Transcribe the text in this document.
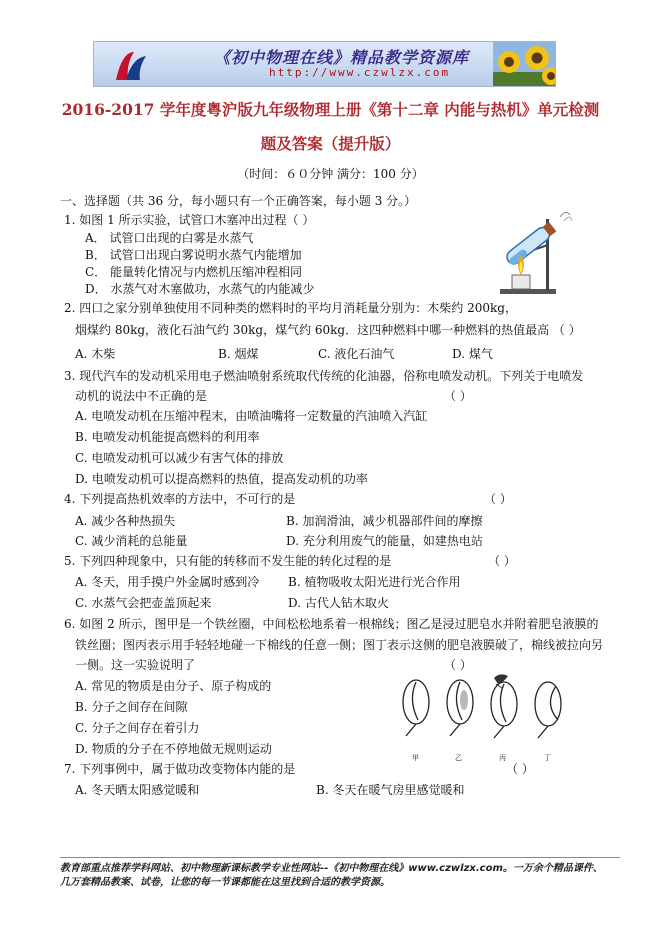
《初中物理在线》精品教学资源库
http://www.czwlzx.com
2016-2017 学年度粤沪版九年级物理上册《第十二章 内能与热机》单元检测
题及答案（提升版）
（时间：６０分钟 满分：100 分）
一、选择题（共 36 分，每小题只有一个正确答案，每小题 3 分。）
1. 如图 1 所示实验，试管口木塞冲出过程（ ）
A． 试管口出现的白雾是水蒸气
B． 试管口出现白雾说明水蒸气内能增加
C． 能量转化情况与内燃机压缩冲程相同
D． 水蒸气对木塞做功，水蒸气的内能减少
2. 四口之家分别单独使用不同种类的燃料时的平均月消耗量分别为：木柴约 200kg，
烟煤约 80kg，液化石油气约 30kg，煤气约 60kg．这四种燃料中哪一种燃料的热值最高 （ ）
A. 木柴	B. 烟煤	C. 液化石油气	D. 煤气
3. 现代汽车的发动机采用电子燃油喷射系统取代传统的化油器，俗称电喷发动机。下列关于电喷发
动机的说法中不正确的是	（ ）
A. 电喷发动机在压缩冲程末，由喷油嘴将一定数量的汽油喷入汽缸
B. 电喷发动机能提高燃料的利用率
C. 电喷发动机可以减少有害气体的排放
D. 电喷发动机可以提高燃料的热值，提高发动机的功率
4. 下列提高热机效率的方法中，不可行的是	（ ）
A. 减少各种热损失	B. 加润滑油，减少机器部件间的摩擦
C. 减少消耗的总能量	D. 充分利用废气的能量，如建热电站
5. 下列四种现象中，只有能的转移而不发生能的转化过程的是	（ ）
A. 冬天，用手摸户外金属时感到冷 B. 植物吸收太阳光进行光合作用
C. 水蒸气会把壶盖顶起来	D. 古代人钻木取火
6. 如图 2 所示，图甲是一个铁丝圈，中间松松地系着一根棉线；图乙是浸过肥皂水并附着肥皂液膜的
铁丝圈；图丙表示用手轻轻地碰一下棉线的任意一侧；图丁表示这侧的肥皂液膜破了，棉线被拉向另
一侧。这一实验说明了	（ ）
A. 常见的物质是由分子、原子构成的
B. 分子之间存在间隙
C. 分子之间存在着引力
D. 物质的分子在不停地做无规则运动
甲	乙	丙	丁
7. 下列事例中，属于做功改变物体内能的是	（ ）
A. 冬天晒太阳感觉暖和	B. 冬天在暖气房里感觉暖和
教育部重点推荐学科网站、初中物理新课标教学专业性网站--《初中物理在线》www.czwlzx.com。一万余个精品课件、
几万套精品教案、试卷，让您的每一节课都能在这里找到合适的教学资源。
